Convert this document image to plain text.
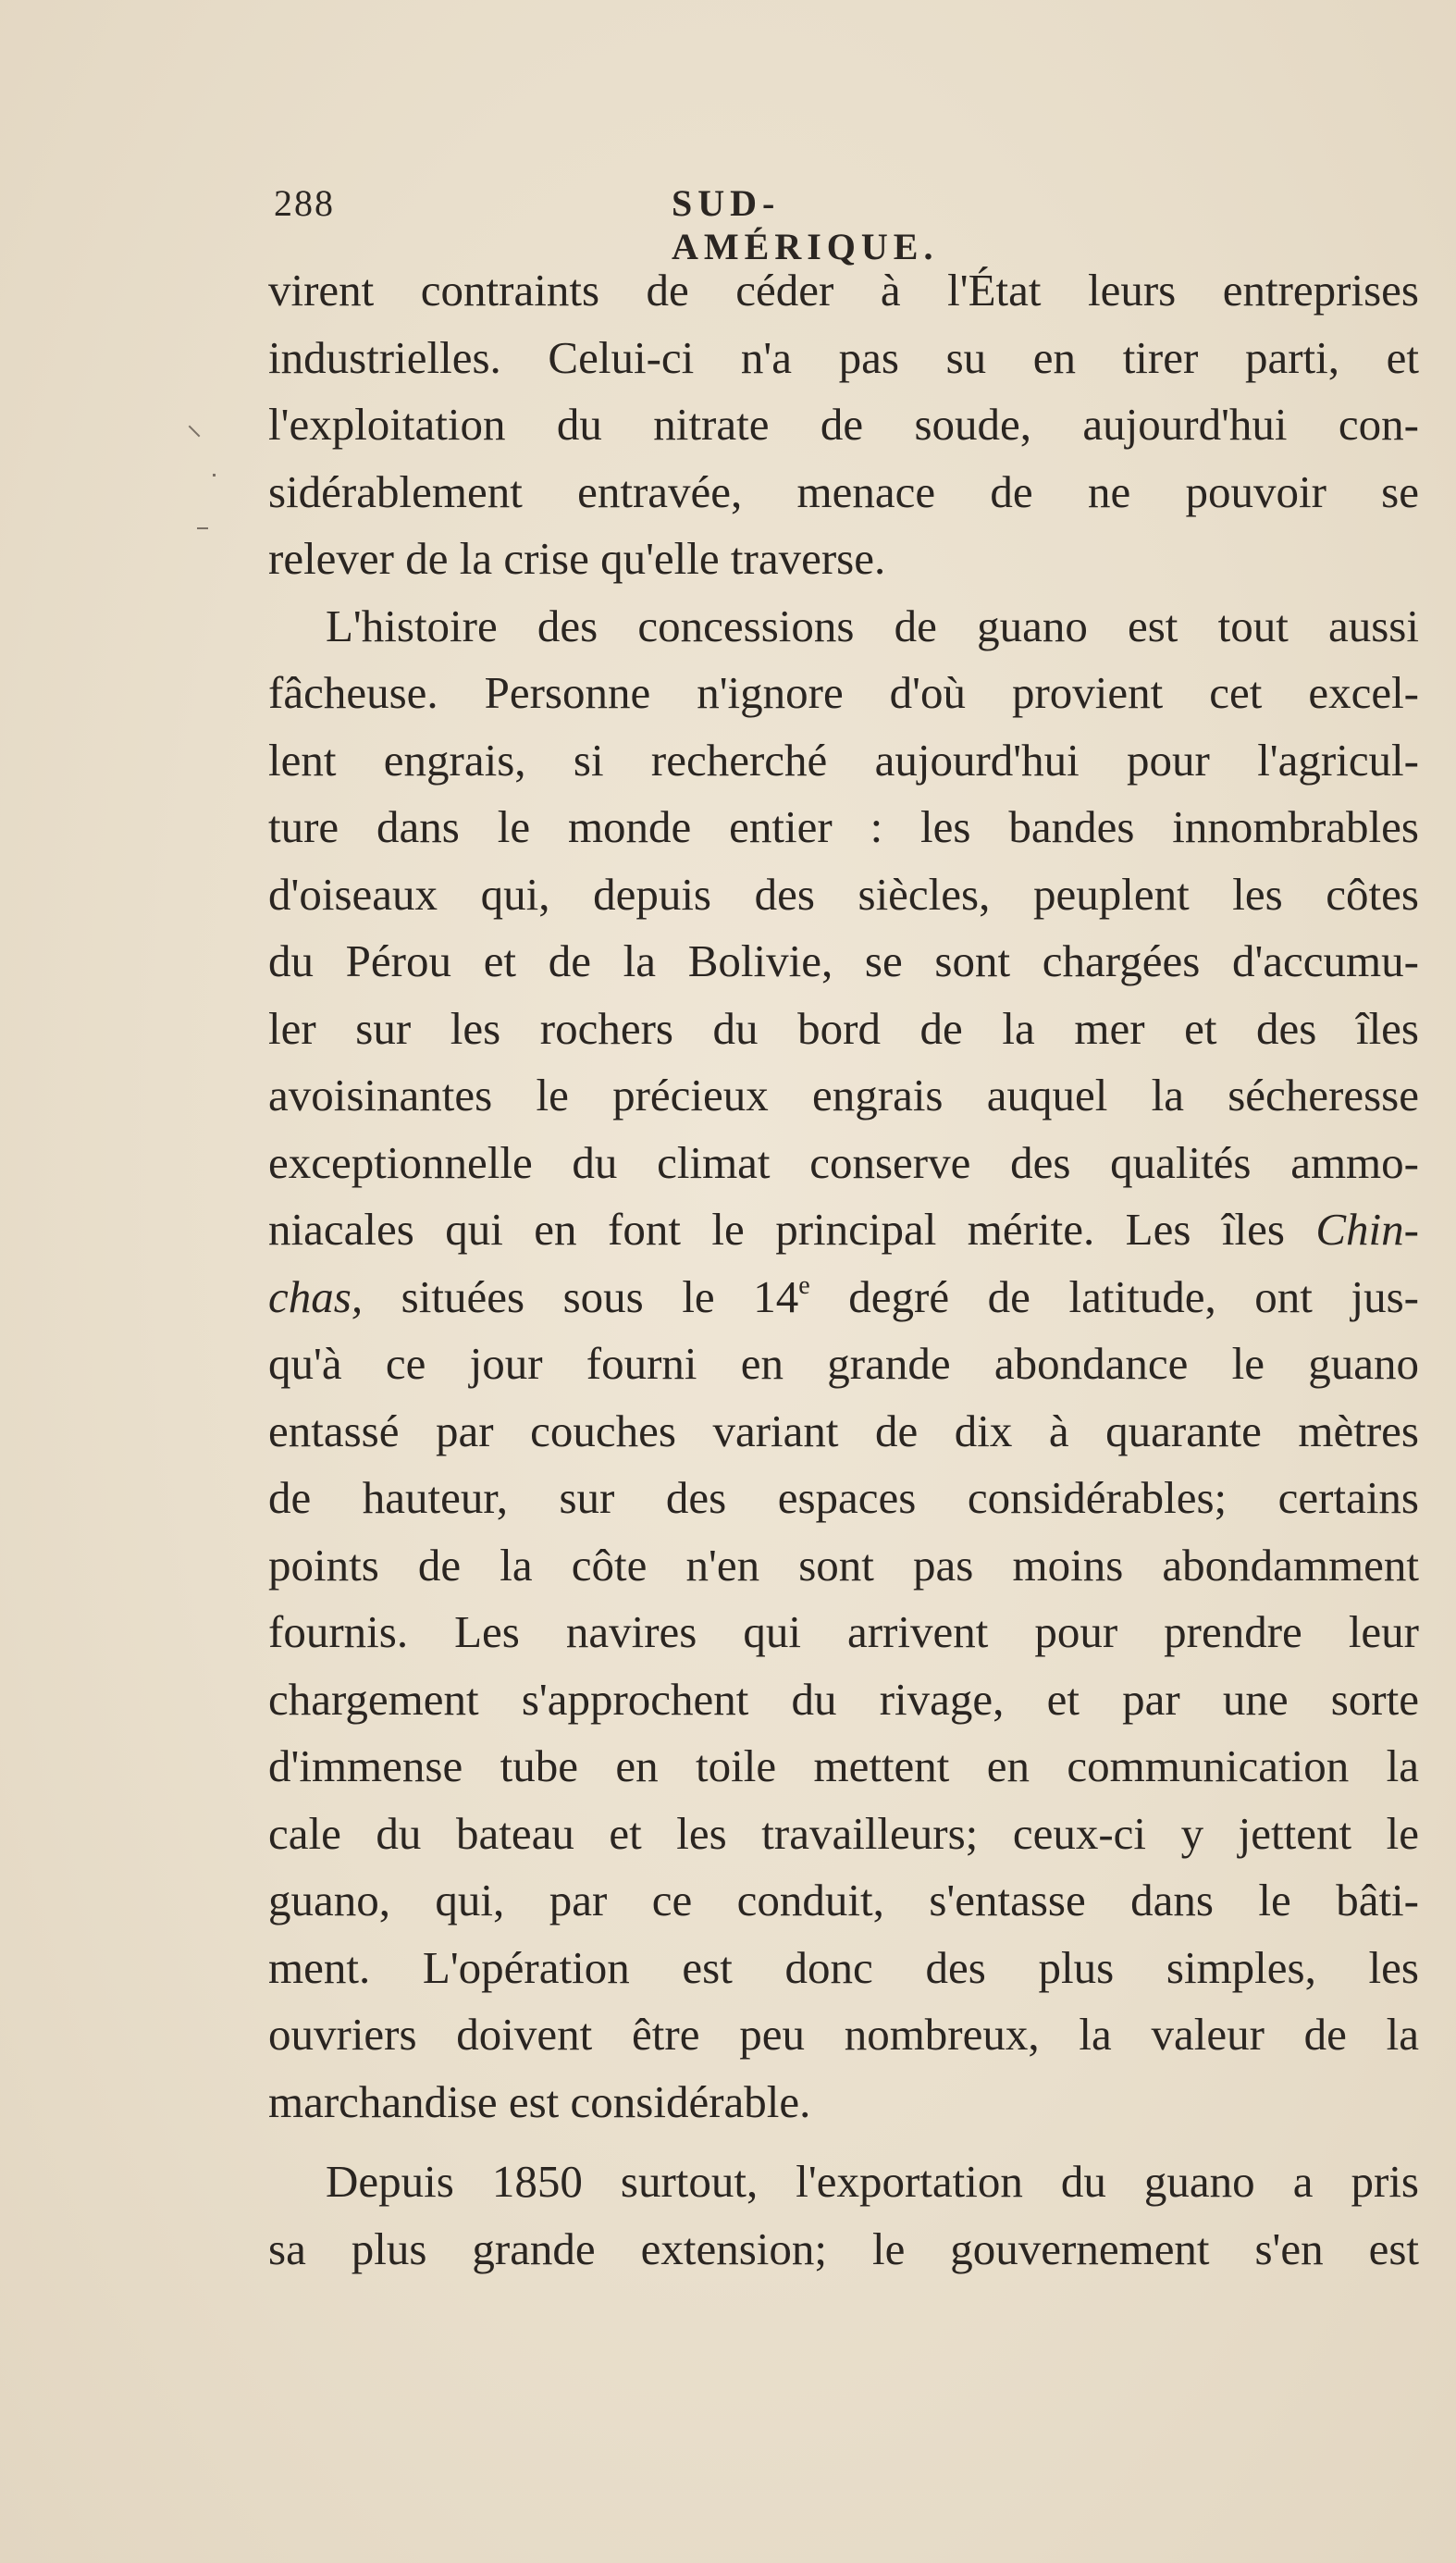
288	SUD-AMÉRIQUE.
virent contraints de céder à l'État leurs entreprises
industrielles. Celui-ci n'a pas su en tirer parti, et
l'exploitation du nitrate de soude, aujourd'hui con-
sidérablement entravée, menace de ne pouvoir se
relever de la crise qu'elle traverse.
L'histoire des concessions de guano est tout aussi
fâcheuse. Personne n'ignore d'où provient cet excel-
lent engrais, si recherché aujourd'hui pour l'agricul-
ture dans le monde entier : les bandes innombrables
d'oiseaux qui, depuis des siècles, peuplent les côtes
du Pérou et de la Bolivie, se sont chargées d'accumu-
ler sur les rochers du bord de la mer et des îles
avoisinantes le précieux engrais auquel la sécheresse
exceptionnelle du climat conserve des qualités ammo-
niacales qui en font le principal mérite. Les îles Chin-
chas, situées sous le 14e degré de latitude, ont jus-
qu'à ce jour fourni en grande abondance le guano
entassé par couches variant de dix à quarante mètres
de hauteur, sur des espaces considérables; certains
points de la côte n'en sont pas moins abondamment
fournis. Les navires qui arrivent pour prendre leur
chargement s'approchent du rivage, et par une sorte
d'immense tube en toile mettent en communication la
cale du bateau et les travailleurs; ceux-ci y jettent le
guano, qui, par ce conduit, s'entasse dans le bâti-
ment. L'opération est donc des plus simples, les
ouvriers doivent être peu nombreux, la valeur de la
marchandise est considérable.
Depuis 1850 surtout, l'exportation du guano a pris
sa plus grande extension; le gouvernement s'en est
